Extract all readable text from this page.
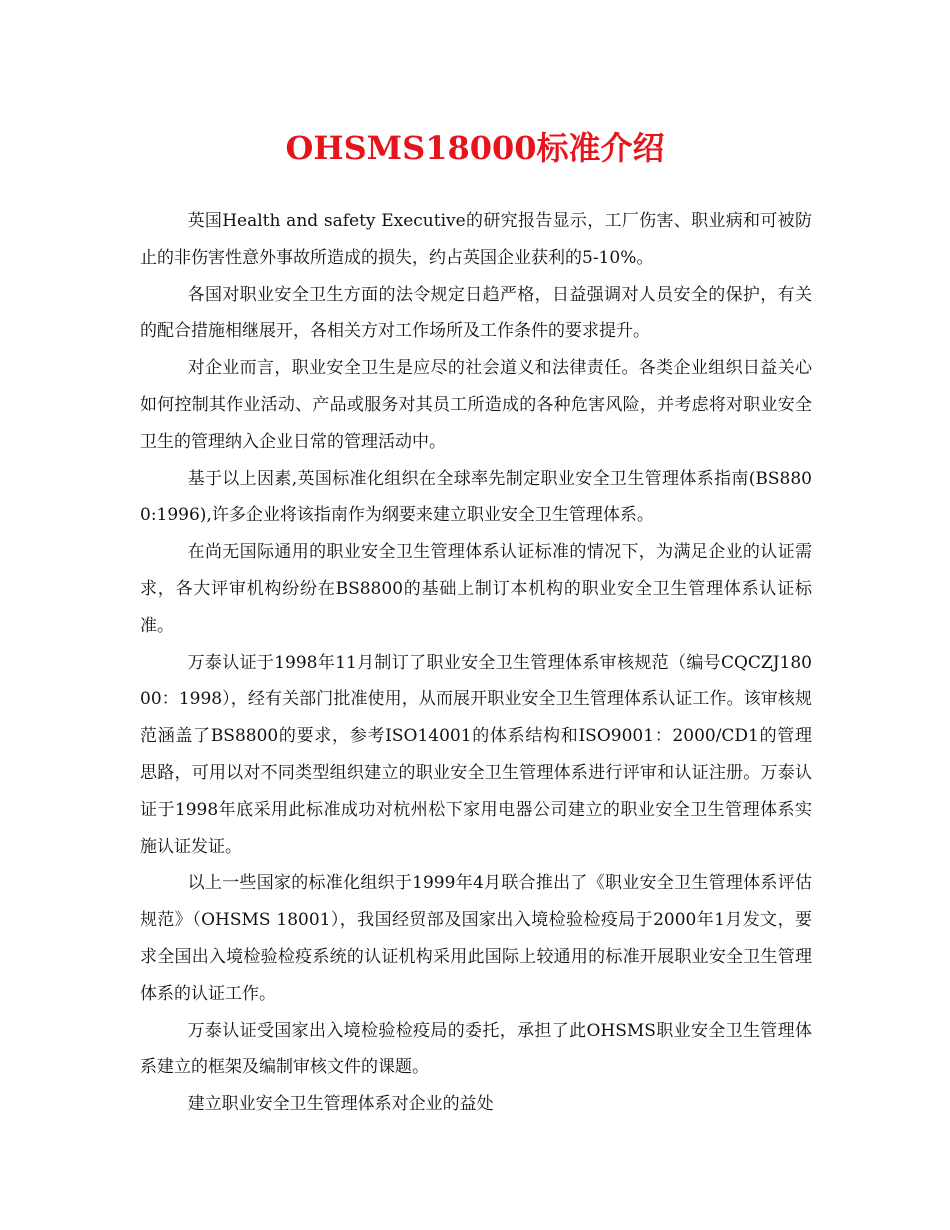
OHSMS18000标准介绍

英国Health and safety Executive的研究报告显示，工厂伤害、职业病和可被防止的非伤害性意外事故所造成的损失，约占英国企业获利的5-10%。

各国对职业安全卫生方面的法令规定日趋严格，日益强调对人员安全的保护，有关的配合措施相继展开，各相关方对工作场所及工作条件的要求提升。

对企业而言，职业安全卫生是应尽的社会道义和法律责任。各类企业组织日益关心如何控制其作业活动、产品或服务对其员工所造成的各种危害风险，并考虑将对职业安全卫生的管理纳入企业日常的管理活动中。

基于以上因素,英国标准化组织在全球率先制定职业安全卫生管理体系指南(BS8800:1996),许多企业将该指南作为纲要来建立职业安全卫生管理体系。

在尚无国际通用的职业安全卫生管理体系认证标准的情况下，为满足企业的认证需求，各大评审机构纷纷在BS8800的基础上制订本机构的职业安全卫生管理体系认证标准。

万泰认证于1998年11月制订了职业安全卫生管理体系审核规范（编号CQCZJ18000：1998），经有关部门批准使用，从而展开职业安全卫生管理体系认证工作。该审核规范涵盖了BS8800的要求，参考ISO14001的体系结构和ISO9001：2000/CD1的管理思路，可用以对不同类型组织建立的职业安全卫生管理体系进行评审和认证注册。万泰认证于1998年底采用此标准成功对杭州松下家用电器公司建立的职业安全卫生管理体系实施认证发证。

以上一些国家的标准化组织于1999年4月联合推出了《职业安全卫生管理体系评估规范》（OHSMS 18001），我国经贸部及国家出入境检验检疫局于2000年1月发文，要求全国出入境检验检疫系统的认证机构采用此国际上较通用的标准开展职业安全卫生管理体系的认证工作。

万泰认证受国家出入境检验检疫局的委托，承担了此OHSMS职业安全卫生管理体系建立的框架及编制审核文件的课题。

建立职业安全卫生管理体系对企业的益处
